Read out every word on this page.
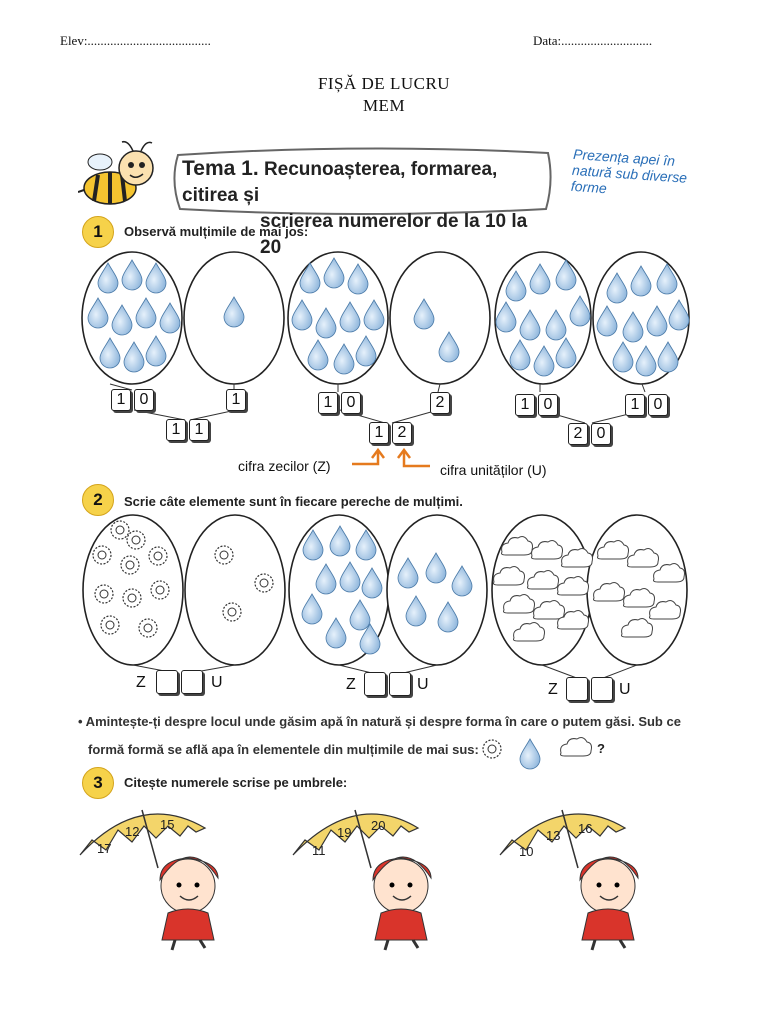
Elev:......................................	Data:............................
FIȘĂ DE LUCRU
MEM
Tema 1. Recunoașterea, formarea, citirea și
scrierea numerelor de la 10 la 20
Prezența apei în natură sub diverse forme
1	Observă mulțimile de mai jos:
1 0	1
1 1
1 0	2
1 2
1 0	1 0
2 0
cifra zecilor (Z)	cifra unităților (U)
2	Scrie câte elemente sunt în fiecare pereche de mulțimi.
Z	U	Z	U	Z	U
• Amintește-ți despre locul unde găsim apă în natură și despre forma în care o putem găsi. Sub ce
formă formă se află apa în elementele din mulțimile de mai sus:	?
3	Citește numerele scrise pe umbrele:
12 15
17
19 20
11
13 16
10
